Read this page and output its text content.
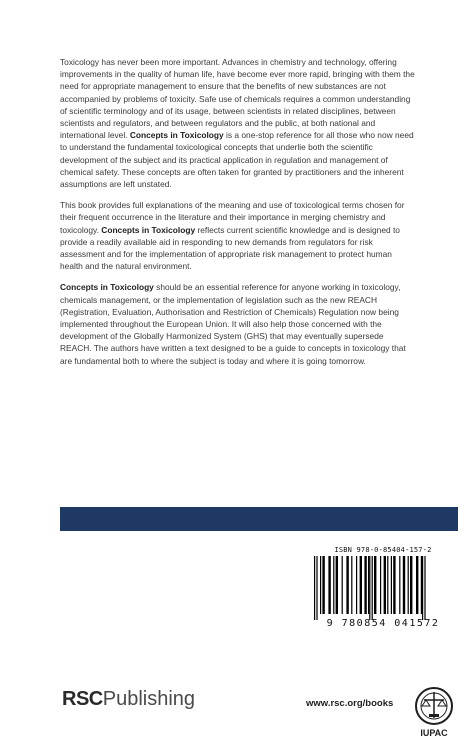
Toxicology has never been more important. Advances in chemistry and technology, offering improvements in the quality of human life, have become ever more rapid, bringing with them the need for appropriate management to ensure that the benefits of new substances are not accompanied by problems of toxicity. Safe use of chemicals requires a common understanding of scientific terminology and of its usage, between scientists in related disciplines, between scientists and regulators, and between regulators and the public, at both national and international level. Concepts in Toxicology is a one-stop reference for all those who now need to understand the fundamental toxicological concepts that underlie both the scientific development of the subject and its practical application in regulation and management of chemical safety. These concepts are often taken for granted by practitioners and the inherent assumptions are left unstated.

This book provides full explanations of the meaning and use of toxicological terms chosen for their frequent occurrence in the literature and their importance in merging chemistry and toxicology. Concepts in Toxicology reflects current scientific knowledge and is designed to provide a readily available aid in responding to new demands from regulators for risk assessment and for the implementation of appropriate risk management to protect human health and the natural environment.

Concepts in Toxicology should be an essential reference for anyone working in toxicology, chemicals management, or the implementation of legislation such as the new REACH (Registration, Evaluation, Authorisation and Restriction of Chemicals) Regulation now being implemented throughout the European Union. It will also help those concerned with the development of the Globally Harmonized System (GHS) that may eventually supersede REACH. The authors have written a text designed to be a guide to concepts in toxicology that are fundamental both to where the subject is today and where it is going tomorrow.

ISBN 978-0-85404-157-2
9 780854 041572
RSCPublishing	www.rsc.org/books
IUPAC
